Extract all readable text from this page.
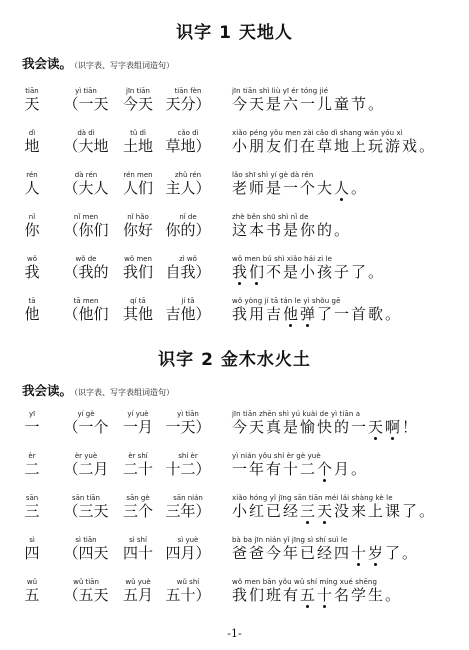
识字 1 天地人
我会读。 （识字表、写字表组词造句）
tiān
天
yì tiān
（一天
jīn tiān
今天
tiān fèn
天分）
jīn tiān shì liù yī ér tóng jié
今天是六一儿童节。
dì
地
dà dì
（大地
tǔ dì
土地
cǎo dì
草地）
xiǎo péng yǒu men zài cǎo dì shang wán yóu xì
小朋友们在草地上玩游戏。
rén
人
dà rén
（大人
rén men
人们
zhǔ rén
主人）
lǎo shī shì yí gè dà rén
老师是一个大人。
nǐ
你
nǐ men
（你们
nǐ hǎo
你好
nǐ de
你的）
zhè běn shū shì nǐ de
这本书是你的。
wǒ
我
wǒ de
（我的
wǒ men
我们
zì wǒ
自我）
wǒ men bú shì xiǎo hái zi le
我们不是小孩子了。
tā
他
tā men
（他们
qí tā
其他
jí tā
吉他）
wǒ yòng jí tā tán le yì shǒu gē
我用吉他弹了一首歌。
识字 2 金木水火土
我会读。 （识字表、写字表组词造句）
yī
一
yí gè
（一个
yí yuè
一月
yì tiān
一天）
jīn tiān zhēn shì yú kuài de yì tiān a
今天真是愉快的一天啊！
èr
二
èr yuè
（二月
èr shí
二十
shí èr
十二）
yì nián yǒu shí èr gè yuè
一年有十二个月。
sān
三
sān tiān
（三天
sān gè
三个
sān nián
三年）
xiǎo hóng yǐ jīng sān tiān méi lái shàng kè le
小红已经三天没来上课了。
sì
四
sì tiān
（四天
sì shí
四十
sì yuè
四月）
bà ba jīn nián yǐ jīng sì shí suì le
爸爸今年已经四十岁了。
wǔ
五
wǔ tiān
（五天
wǔ yuè
五月
wǔ shí
五十）
wǒ men bān yǒu wǔ shí míng xué shēng
我们班有五十名学生。
-1-
